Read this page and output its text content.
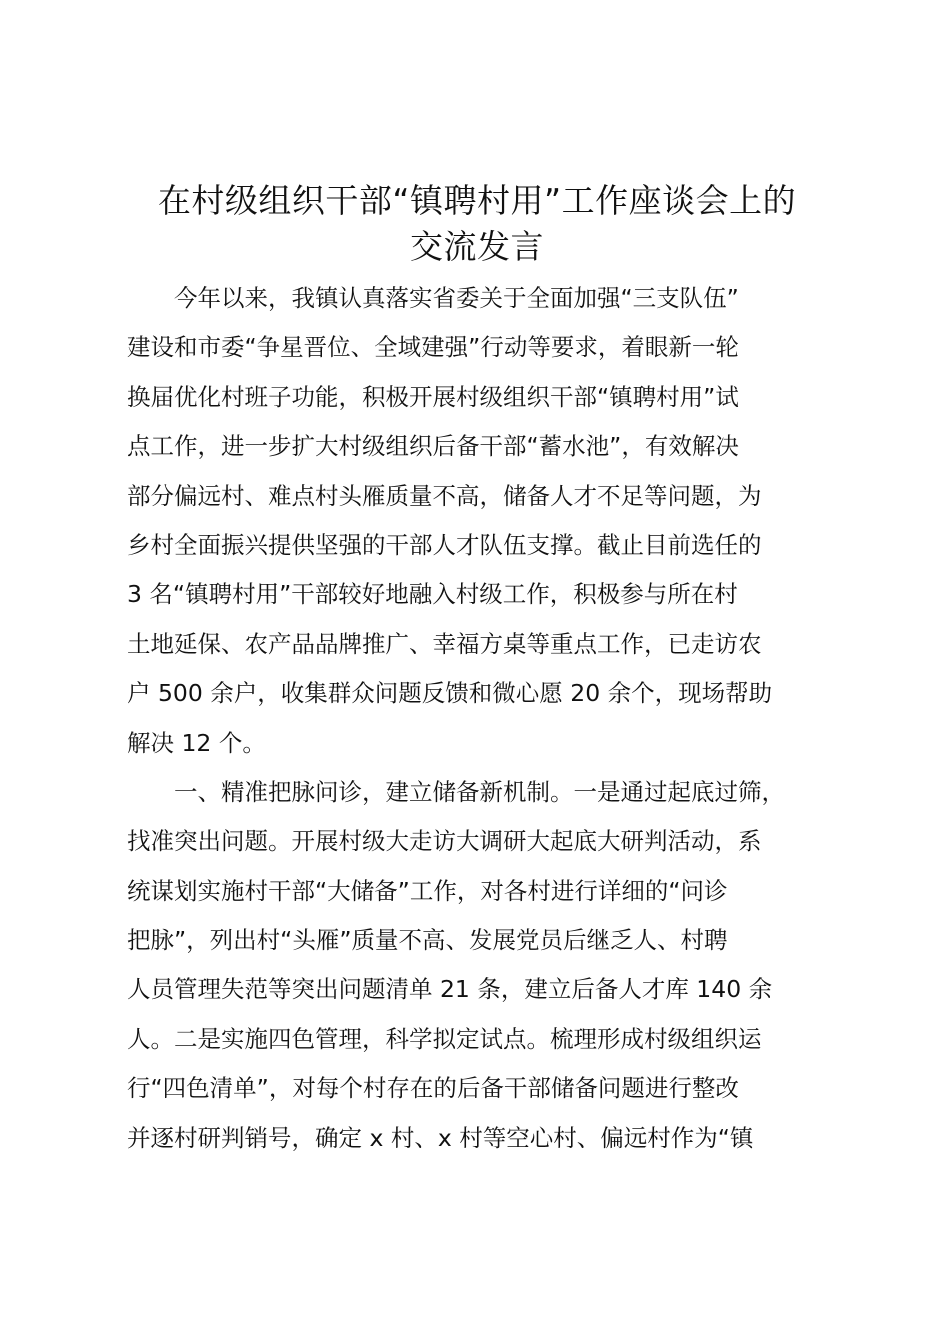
在村级组织干部“镇聘村用”工作座谈会上的
交流发言

今年以来，我镇认真落实省委关于全面加强“三支队伍”
建设和市委“争星晋位、全域建强”行动等要求，着眼新一轮
换届优化村班子功能，积极开展村级组织干部“镇聘村用”试
点工作，进一步扩大村级组织后备干部“蓄水池”，有效解决
部分偏远村、难点村头雁质量不高，储备人才不足等问题，为
乡村全面振兴提供坚强的干部人才队伍支撑。截止目前选任的
3 名“镇聘村用”干部较好地融入村级工作，积极参与所在村
土地延保、农产品品牌推广、幸福方桌等重点工作，已走访农
户 500 余户，收集群众问题反馈和微心愿 20 余个，现场帮助
解决 12 个。

一、精准把脉问诊，建立储备新机制。一是通过起底过筛，
找准突出问题。开展村级大走访大调研大起底大研判活动，系
统谋划实施村干部“大储备”工作，对各村进行详细的“问诊
把脉”，列出村“头雁”质量不高、发展党员后继乏人、村聘
人员管理失范等突出问题清单 21 条，建立后备人才库 140 余
人。二是实施四色管理，科学拟定试点。梳理形成村级组织运
行“四色清单”，对每个村存在的后备干部储备问题进行整改
并逐村研判销号，确定 x 村、x 村等空心村、偏远村作为“镇
